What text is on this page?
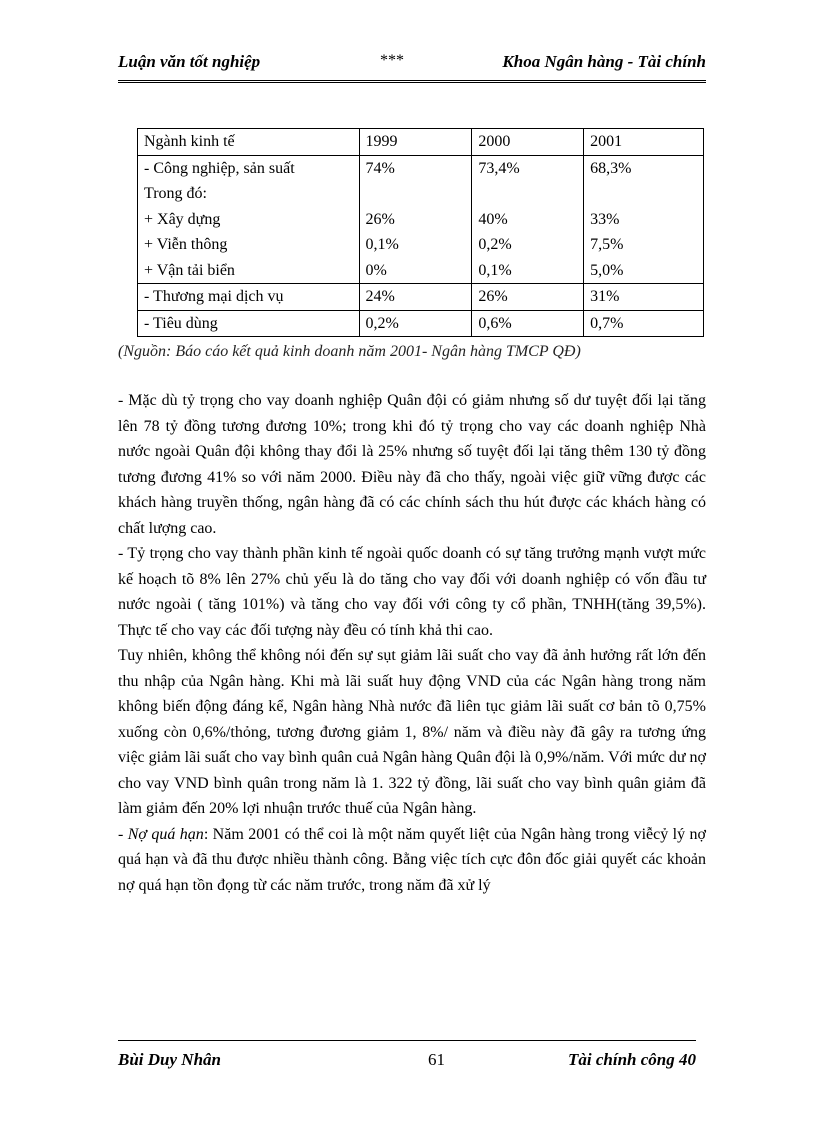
Luận văn tốt nghiệp	***	Khoa Ngân hàng - Tài chính
Ngành kinh tế	1999	2000	2001
- Công nghiệp, sản suất	74%	73,4%	68,3%
Trong đó:			
+ Xây dựng	26%	40%	33%
+ Viễn thông	0,1%	0,2%	7,5%
+ Vận tải biển	0%	0,1%	5,0%
- Thương mại dịch vụ	24%	26%	31%
- Tiêu dùng	0,2%	0,6%	0,7%
(Nguồn: Báo cáo kết quả kinh doanh năm 2001- Ngân hàng TMCP QĐ)

- Mặc dù tỷ trọng cho vay doanh nghiệp Quân đội có giảm nhưng số dư tuyệt đối lại tăng lên 78 tỷ đồng tương đương 10%; trong khi đó tỷ trọng cho vay các doanh nghiệp Nhà nước ngoài Quân đội không thay đổi là 25% nhưng số tuyệt đối lại tăng thêm 130 tỷ đồng tương đương 41% so với năm 2000. Điều này đã cho thấy, ngoài việc giữ vững được các khách hàng truyền thống, ngân hàng đã có các chính sách thu hút được các khách hàng có chất lượng cao.

- Tỷ trọng cho vay thành phần kinh tế ngoài quốc doanh có sự tăng trưởng mạnh vượt mức kế hoạch tõ 8% lên 27% chủ yếu là do tăng cho vay đối với doanh nghiệp có vốn đầu tư nước ngoài ( tăng 101%) và tăng cho vay đối với công ty cổ phần, TNHH(tăng 39,5%). Thực tế cho vay các đối tượng này đều có tính khả thi cao.

Tuy nhiên, không thể không nói đến sự sụt giảm lãi suất cho vay đã ảnh hưởng rất lớn đến thu nhập của Ngân hàng. Khi mà lãi suất huy động VND của các Ngân hàng trong năm không biến động đáng kể, Ngân hàng Nhà nước đã liên tục giảm lãi suất cơ bản tõ 0,75% xuống còn 0,6%/thỏng, tương đương giảm 1, 8%/ năm và điều này đã gây ra tương ứng việc giảm lãi suất cho vay bình quân cuả Ngân hàng Quân đội là 0,9%/năm. Với mức dư nợ cho vay VND bình quân trong năm là 1. 322 tỷ đồng, lãi suất cho vay bình quân giảm đã làm giảm đến 20% lợi nhuận trước thuế của Ngân hàng.

- Nợ quá hạn: Năm 2001 có thể coi là một năm quyết liệt của Ngân hàng trong viễcỷ lý nợ quá hạn và đã thu được nhiều thành công. Bằng việc tích cực đôn đốc giải quyết các khoản nợ quá hạn tồn đọng từ các năm trước, trong năm đã xử lý

Bùi Duy Nhân	61	Tài chính công 40
